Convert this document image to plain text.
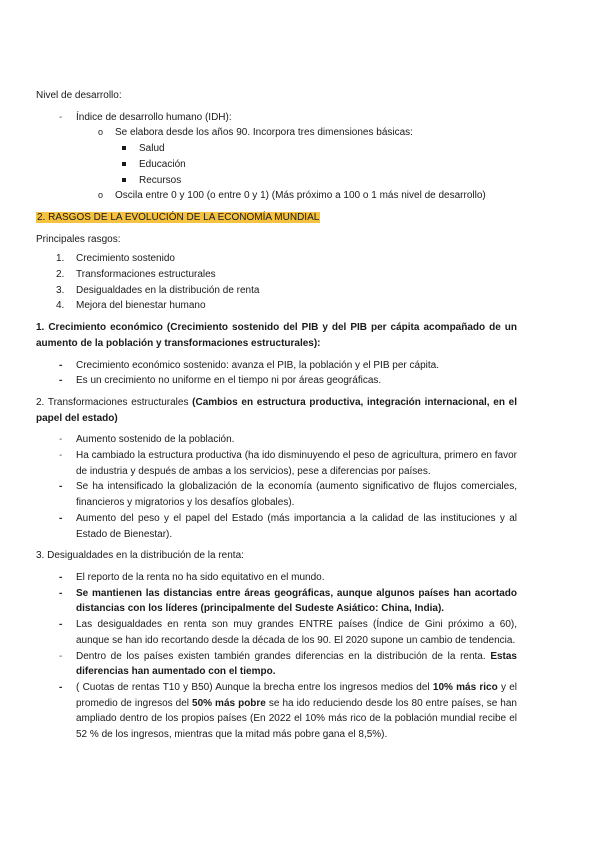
Nivel de desarrollo:

- Índice de desarrollo humano (IDH):
o Se elabora desde los años 90. Incorpora tres dimensiones básicas:
Salud
Educación
Recursos
o Oscila entre 0 y 100 (o entre 0 y 1) (Más próximo a 100 o 1 más nivel de desarrollo)

2. RASGOS DE LA EVOLUCIÓN DE LA ECONOMÍA MUNDIAL

Principales rasgos:

1. Crecimiento sostenido
2. Transformaciones estructurales
3. Desigualdades en la distribución de renta
4. Mejora del bienestar humano

1. Crecimiento económico (Crecimiento sostenido del PIB y del PIB per cápita acompañado de un aumento de la población y transformaciones estructurales):

- Crecimiento económico sostenido: avanza el PIB, la población y el PIB per cápita.
- Es un crecimiento no uniforme en el tiempo ni por áreas geográficas.

2. Transformaciones estructurales (Cambios en estructura productiva, integración internacional, en el papel del estado)

- Aumento sostenido de la población.
- Ha cambiado la estructura productiva (ha ido disminuyendo el peso de agricultura, primero en favor de industria y después de ambas a los servicios), pese a diferencias por países.
- Se ha intensificado la globalización de la economía (aumento significativo de flujos comerciales, financieros y migratorios y los desafíos globales).
- Aumento del peso y el papel del Estado (más importancia a la calidad de las instituciones y al Estado de Bienestar).

3. Desigualdades en la distribución de la renta:

- El reporto de la renta no ha sido equitativo en el mundo.
- Se mantienen las distancias entre áreas geográficas, aunque algunos países han acortado distancias con los líderes (principalmente del Sudeste Asiático: China, India).
- Las desigualdades en renta son muy grandes ENTRE países (Índice de Gini próximo a 60), aunque se han ido recortando desde la década de los 90. El 2020 supone un cambio de tendencia.
- Dentro de los países existen también grandes diferencias en la distribución de la renta. Estas diferencias han aumentado con el tiempo.
- ( Cuotas de rentas T10 y B50) Aunque la brecha entre los ingresos medios del 10% más rico y el promedio de ingresos del 50% más pobre se ha ido reduciendo desde los 80 entre países, se han ampliado dentro de los propios países (En 2022 el 10% más rico de la población mundial recibe el 52 % de los ingresos, mientras que la mitad más pobre gana el 8,5%).
